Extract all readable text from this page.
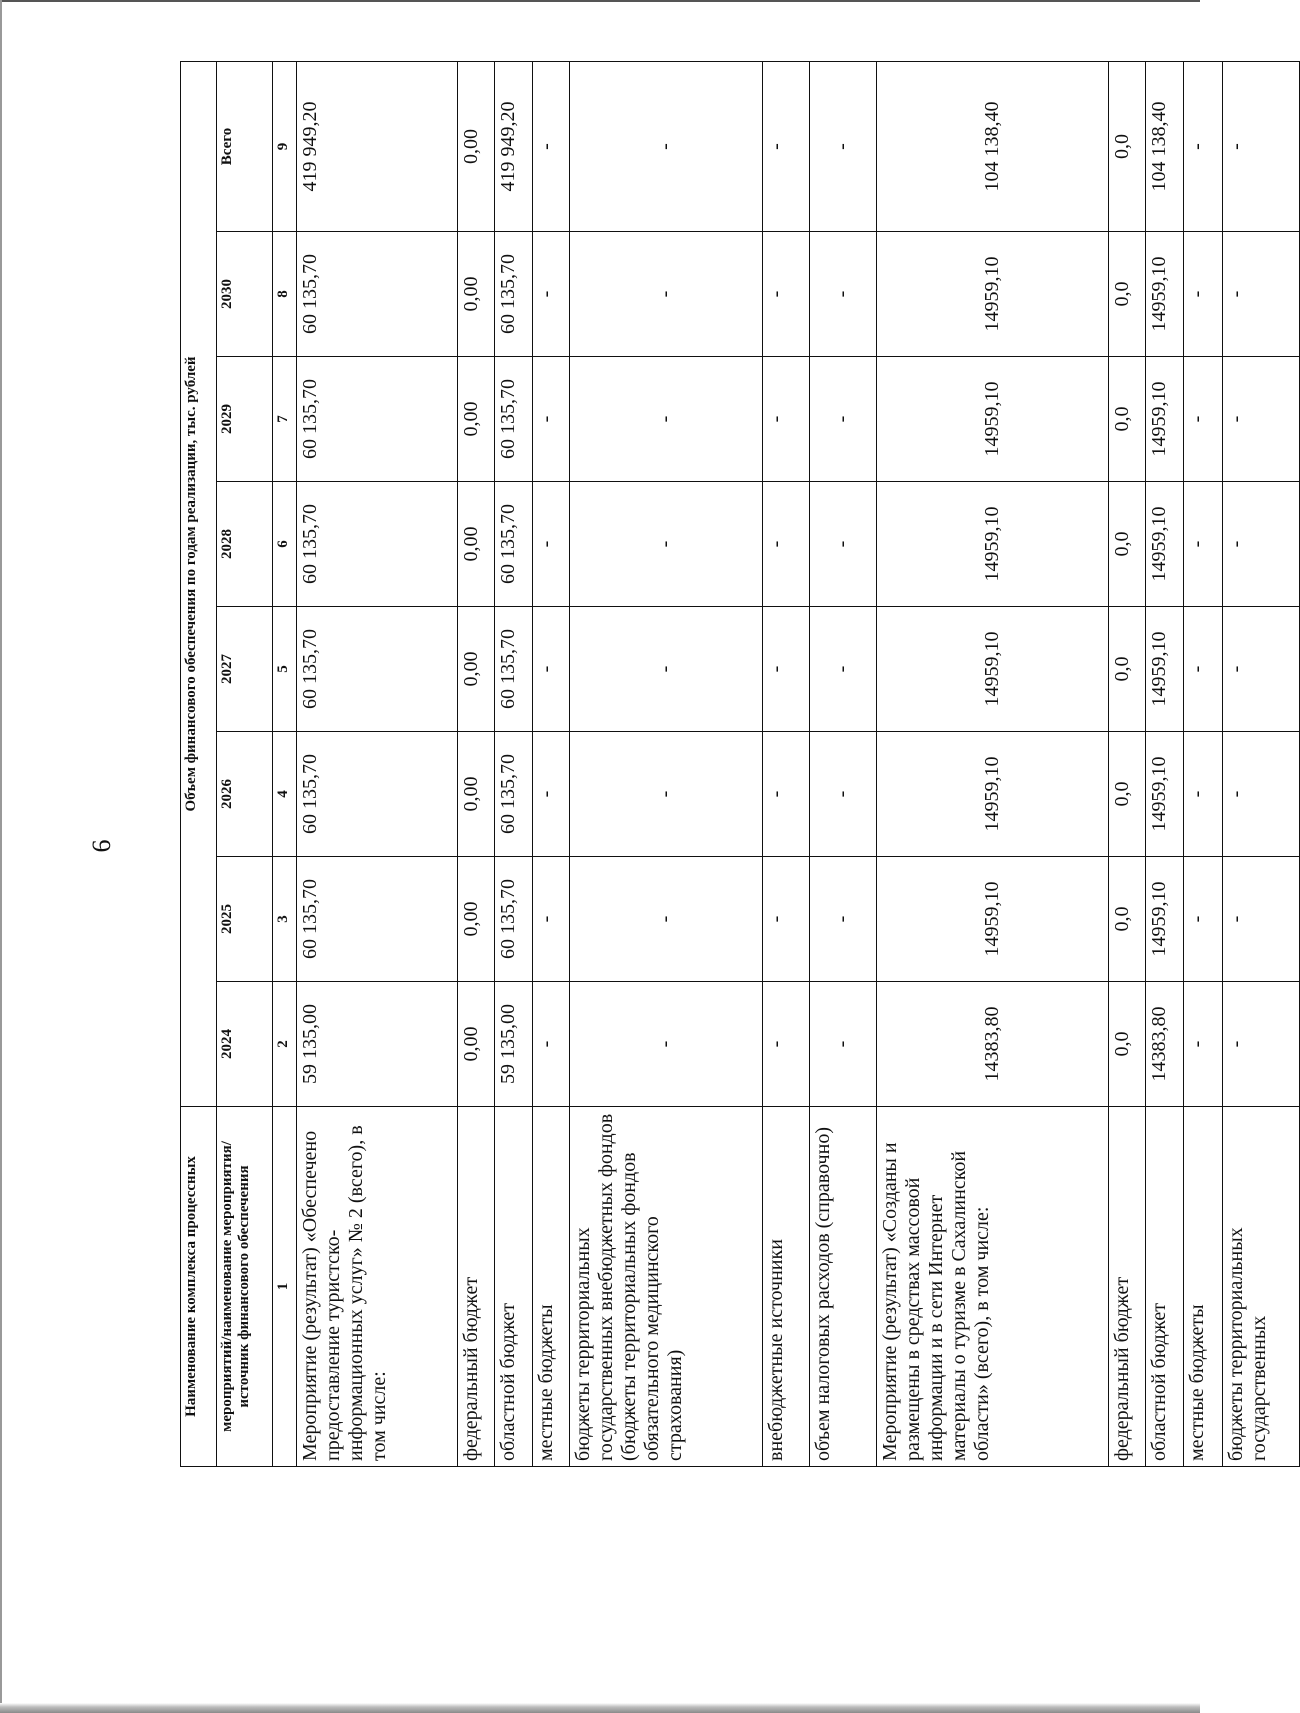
6
Наименование комплекса процессных	Объем финансового обеспечения по годам реализации, тыс. рублей							
мероприятий/наименование мероприятия/источник финансового обеспечения	2024	2025	2026	2027	2028	2029	2030	Всего
1	2	3	4	5	6	7	8	9
Мероприятие (результат) «Обеспечено предоставление туристско-информационных услуг» № 2 (всего), в том числе:	59 135,00	60 135,70	60 135,70	60 135,70	60 135,70	60 135,70	60 135,70	419 949,20
федеральный бюджет	0,00	0,00	0,00	0,00	0,00	0,00	0,00	0,00
областной бюджет	59 135,00	60 135,70	60 135,70	60 135,70	60 135,70	60 135,70	60 135,70	419 949,20
местные бюджеты	-	-	-	-	-	-	-	-
бюджеты территориальных государственных внебюджетных фондов (бюджеты территориальных фондов обязательного медицинского страхования)	-	-	-	-	-	-	-	-
внебюджетные источники	-	-	-	-	-	-	-	-
объем налоговых расходов (справочно)	-	-	-	-	-	-	-	-
Мероприятие (результат) «Созданы и размещены в средствах массовой информации и в сети Интернет материалы о туризме в Сахалинской области» (всего), в том числе:	14383,80	14959,10	14959,10	14959,10	14959,10	14959,10	14959,10	104 138,40
федеральный бюджет	0,0	0,0	0,0	0,0	0,0	0,0	0,0	0,0
областной бюджет	14383,80	14959,10	14959,10	14959,10	14959,10	14959,10	14959,10	104 138,40
местные бюджеты	-	-	-	-	-	-	-	-
бюджеты территориальных государственных	-	-	-	-	-	-	-	-
